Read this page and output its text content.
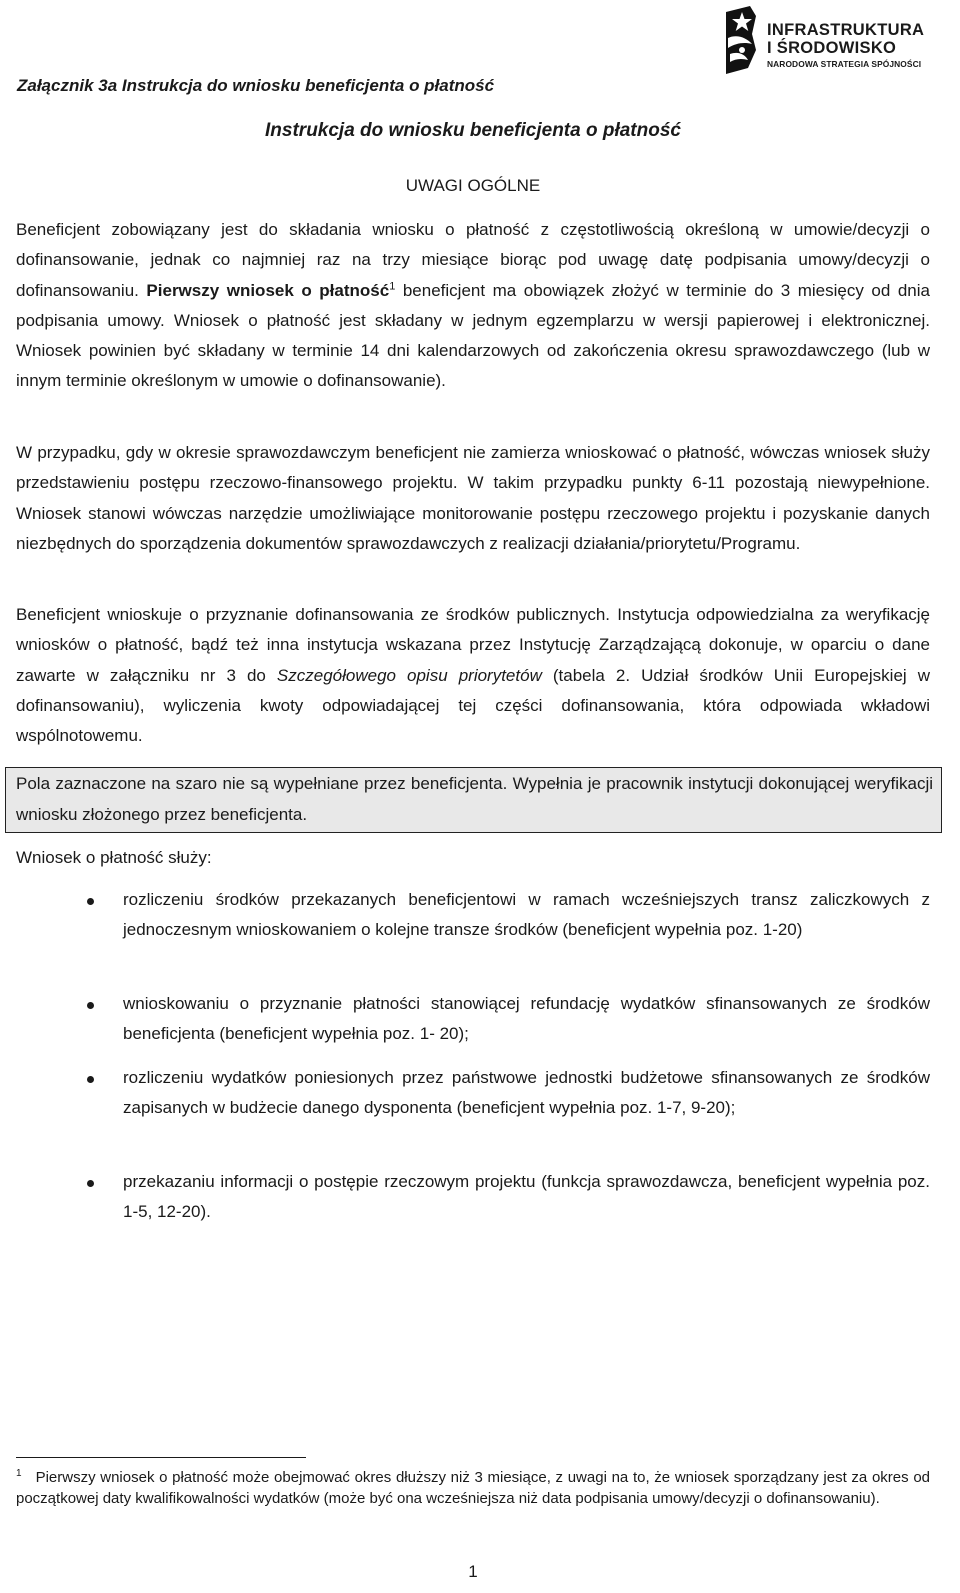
INFRASTRUKTURA
I ŚRODOWISKO
NARODOWA STRATEGIA SPÓJNOŚCI
Załącznik 3a Instrukcja do wniosku beneficjenta o płatność
Instrukcja do wniosku beneficjenta o płatność
UWAGI OGÓLNE
Beneficjent zobowiązany jest do składania wniosku o płatność z częstotliwością określoną w umowie/decyzji o dofinansowanie, jednak co najmniej raz na trzy miesiące biorąc pod uwagę datę podpisania umowy/decyzji o dofinansowaniu. Pierwszy wniosek o płatność$^1$ beneficjent ma obowiązek złożyć w terminie do 3 miesięcy od dnia podpisania umowy. Wniosek o płatność jest składany w jednym egzemplarzu w wersji papierowej i elektronicznej. Wniosek powinien być składany w terminie 14 dni kalendarzowych od zakończenia okresu sprawozdawczego (lub w innym terminie określonym w umowie o dofinansowanie).
W przypadku, gdy w okresie sprawozdawczym beneficjent nie zamierza wnioskować o płatność, wówczas wniosek służy przedstawieniu postępu rzeczowo-finansowego projektu. W takim przypadku punkty 6-11 pozostają niewypełnione. Wniosek stanowi wówczas narzędzie umożliwiające monitorowanie postępu rzeczowego projektu i pozyskanie danych niezbędnych do sporządzenia dokumentów sprawozdawczych z realizacji działania/priorytetu/Programu.
Beneficjent wnioskuje o przyznanie dofinansowania ze środków publicznych. Instytucja odpowiedzialna za weryfikację wniosków o płatność, bądź też inna instytucja wskazana przez Instytucję Zarządzającą dokonuje, w oparciu o dane zawarte w załączniku nr 3 do Szczegółowego opisu priorytetów (tabela 2. Udział środków Unii Europejskiej w dofinansowaniu), wyliczenia kwoty odpowiadającej tej części dofinansowania, która odpowiada wkładowi wspólnotowemu.
Pola zaznaczone na szaro nie są wypełniane przez beneficjenta. Wypełnia je pracownik instytucji dokonującej weryfikacji wniosku złożonego przez beneficjenta.
Wniosek o płatność służy:
rozliczeniu środków przekazanych beneficjentowi w ramach wcześniejszych transz zaliczkowych z jednoczesnym wnioskowaniem o kolejne transze środków (beneficjent wypełnia poz. 1-20)
wnioskowaniu o przyznanie płatności stanowiącej refundację wydatków sfinansowanych ze środków beneficjenta (beneficjent wypełnia poz. 1- 20);
rozliczeniu wydatków poniesionych przez państwowe jednostki budżetowe sfinansowanych ze środków zapisanych w budżecie danego dysponenta (beneficjent wypełnia poz. 1-7, 9-20);
przekazaniu informacji o postępie rzeczowym projektu (funkcja sprawozdawcza, beneficjent wypełnia poz. 1-5, 12-20).
$^1$ Pierwszy wniosek o płatność może obejmować okres dłuższy niż 3 miesiące, z uwagi na to, że wniosek sporządzany jest za okres od początkowej daty kwalifikowalności wydatków (może być ona wcześniejsza niż data podpisania umowy/decyzji o dofinansowaniu).
1
